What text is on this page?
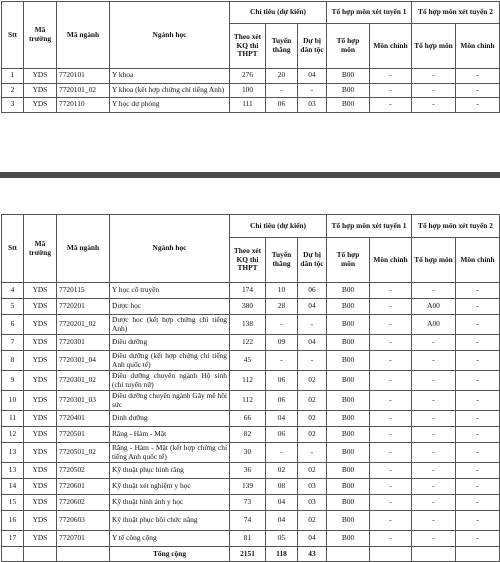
Stt	Mã trường	Mã ngành	Ngành học	Chỉ tiêu (dự kiến)			Tổ hợp môn xét tuyển 1		Tổ hợp môn xét tuyển 2	
				Theo xét KQ thi THPT	Tuyển thẳng	Dự bị dân tộc	Tổ hợp môn	Môn chính	Tổ hợp môn	Môn chính
1	YDS	7720101	Y khoa	276	20	04	B00	-	-	-
2	YDS	7720101_02	Y khoa (kết hợp chứng chỉ tiếng Anh)	100	-	-	B00	-	-	-
3	YDS	7720110	Y học dự phòng	111	06	03	B00	-	-	-
Stt	Mã trường	Mã ngành	Ngành học	Chỉ tiêu (dự kiến)			Tổ hợp môn xét tuyển 1		Tổ hợp môn xét tuyển 2	
				Theo xét KQ thi THPT	Tuyển thẳng	Dự bị dân tộc	Tổ hợp môn	Môn chính	Tổ hợp môn	Môn chính
4	YDS	7720115	Y học cổ truyền	174	10	06	B00	-	-	-
5	YDS	7720201	Dược học	380	28	04	B00	-	A00	-
6	YDS	7720201_02	Dược học (kết hợp chứng chỉ tiếng Anh)	138	-	-	B00	-	A00	-
7	YDS	7720301	Điều dưỡng	122	09	04	B00	-	-	-
8	YDS	7720301_04	Điều dưỡng (kết hợp chứng chỉ tiếng Anh quốc tế)	45	-	-	B00	-	-	-
9	YDS	7720301_02	Điều dưỡng chuyên ngành Hộ sinh (chỉ tuyển nữ)	112	06	02	B00	-	-	-
10	YDS	7720301_03	Điều dưỡng chuyên ngành Gây mê hồi sức	112	06	02	B00	-	-	-
11	YDS	7720401	Dinh dưỡng	66	04	02	B00	-	-	-
12	YDS	7720501	Răng - Hàm - Mặt	82	06	02	B00	-	-	-
13	YDS	7720501_02	Răng - Hàm - Mặt (kết hợp chứng chỉ tiếng Anh quốc tế)	30	-	-	B00	-	-	-
13	YDS	7720502	Kỹ thuật phục hình răng	36	02	02	B00	-	-	-
14	YDS	7720601	Kỹ thuật xét nghiệm y học	139	08	03	B00	-	-	-
15	YDS	7720602	Kỹ thuật hình ảnh y học	73	04	03	B00	-	-	-
16	YDS	7720603	Kỹ thuật phục hồi chức năng	74	04	02	B00	-	-	-
17	YDS	7720701	Y tế công cộng	81	05	04	B00	-	-	-
			Tổng cộng	2151	118	43				
